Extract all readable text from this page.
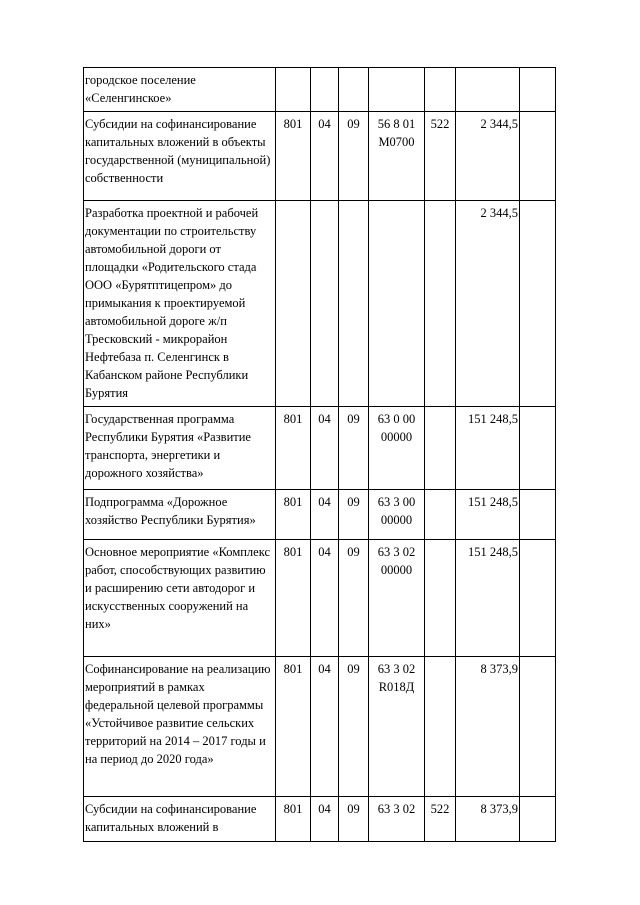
городское поселение «Селенгинское»							
Субсидии на софинансирование капитальных вложений в объекты государственной (муниципальной) собственности	801	04	09	56 8 01 М0700	522	2 344,5	
Разработка проектной и рабочей документации по строительству автомобильной дороги от площадки «Родительского стада ООО «Бурятптицепром» до примыкания к проектируемой автомобильной дороге ж/п Тресковский - микрорайон Нефтебаза п. Селенгинск в Кабанском районе Республики Бурятия						2 344,5	
Государственная программа Республики Бурятия «Развитие транспорта, энергетики и дорожного хозяйства»	801	04	09	63 0 00 00000		151 248,5	
Подпрограмма «Дорожное хозяйство Республики Бурятия»	801	04	09	63 3 00 00000		151 248,5	
Основное мероприятие «Комплекс работ, способствующих развитию и расширению сети автодорог и искусственных сооружений на них»	801	04	09	63 3 02 00000		151 248,5	
Софинансирование на реализацию мероприятий в рамках федеральной целевой программы «Устойчивое развитие сельских территорий на 2014 – 2017 годы и на период до 2020 года»	801	04	09	63 3 02 R018Д		8 373,9	
Субсидии на софинансирование капитальных вложений в	801	04	09	63 3 02	522	8 373,9	
